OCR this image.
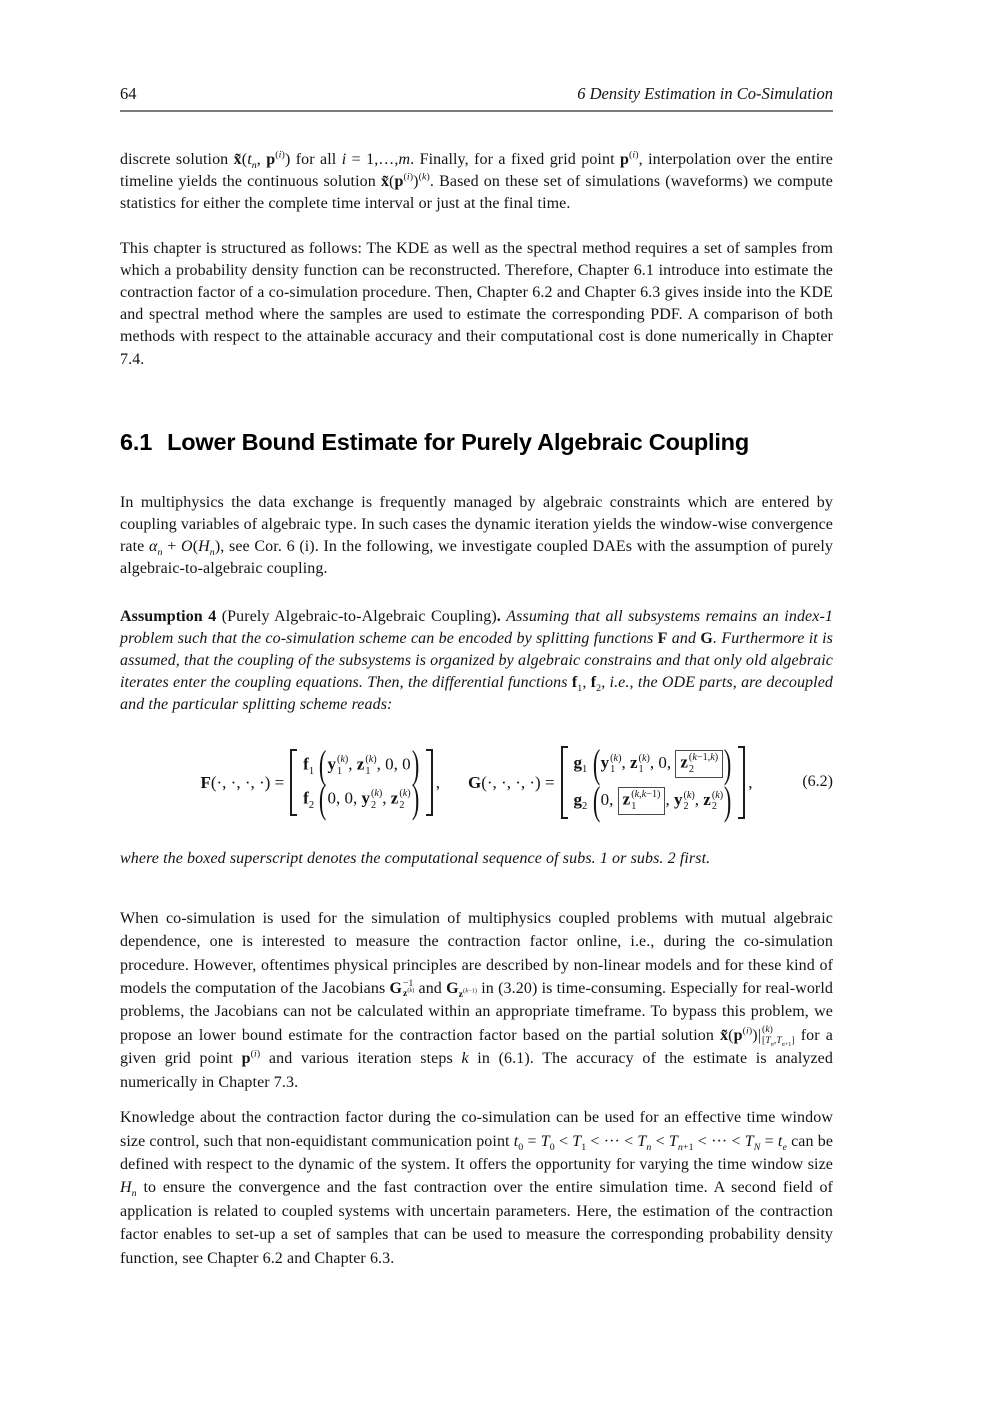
64	6 Density Estimation in Co-Simulation

discrete solution $x̃(t_n$, $p^{(i)}$) for all i = 1,…,m. Finally, for a fixed grid point $p^{(i)}$, interpolation over the entire timeline yields the continuous solution $x̃(p^{(i)})^{(k)}$. Based on these set of simulations (waveforms) we compute statistics for either the complete time interval or just at the final time.

This chapter is structured as follows: The KDE as well as the spectral method requires a set of samples from which a probability density function can be reconstructed. Therefore, Chapter 6.1 introduce into estimate the contraction factor of a co-simulation procedure. Then, Chapter 6.2 and Chapter 6.3 gives inside into the KDE and spectral method where the samples are used to estimate the corresponding PDF. A comparison of both methods with respect to the attainable accuracy and their computational cost is done numerically in Chapter 7.4.

6.1 Lower Bound Estimate for Purely Algebraic Coupling

In multiphysics the data exchange is frequently managed by algebraic constraints which are entered by coupling variables of algebraic type. In such cases the dynamic iteration yields the window-wise convergence rate $\alpha_n + O(H_n)$, see Cor. 6 (i). In the following, we investigate coupled DAEs with the assumption of purely algebraic-to-algebraic coupling.

Assumption 4 (Purely Algebraic-to-Algebraic Coupling). Assuming that all subsystems remains an index-1 problem such that the co-simulation scheme can be encoded by splitting functions F and G. Furthermore it is assumed, that the coupling of the subsystems is organized by algebraic constrains and that only old algebraic iterates enter the coupling equations. Then, the differential functions $f_1$, $f_2$, i.e., the ODE parts, are decoupled and the particular splitting scheme reads:

F(·, ·, ·, ·) =
$f_1$ (y (k)
1 , z (k)
1 , 0, 0)
$f_2$ (0, 0, y (k)
2 , z (k)
2 ) , G(·, ·, ·, ·) =
$g_1$ (y (k)
1 , z (k)
1 , 0, z (k−1,k)
2 )
$g_2$ (0, z (k,k−1)
1 , y (k)
2 , z (k)
2 ) ,	(6.2)

where the boxed superscript denotes the computational sequence of subs. 1 or subs. 2 first.

When co-simulation is used for the simulation of multiphysics coupled problems with mutual algebraic dependence, one is interested to measure the contraction factor online, i.e., during the co-simulation procedure. However, oftentimes physical principles are described by non-linear models and for these kind of models the computation of the Jacobians G −1
$z^{(k)}$ and $G_{z^{(k-1)}}$ in (3.20) is time-consuming. Especially for real-world problems, the Jacobians can not be calculated within an appropriate timeframe. To bypass this problem, we propose an lower bound estimate for the contraction factor based on the partial solution $x̃(p^{(i)})|$ (k)
$[T_n,T_{n+1}]$ for a given grid point $p^{(i)}$ and various iteration steps k in (6.1). The accuracy of the estimate is analyzed numerically in Chapter 7.3.

Knowledge about the contraction factor during the co-simulation can be used for an effective time window size control, such that non-equidistant communication point $t_0 = T_0 < T_1$ < ··· < $T_n < T_{n+1}$ < ··· < $T_N = t_e$ can be defined with respect to the dynamic of the system. It offers the opportunity for varying the time window size $H_n$ to ensure the convergence and the fast contraction over the entire simulation time. A second field of application is related to coupled systems with uncertain parameters. Here, the estimation of the contraction factor enables to set-up a set of samples that can be used to measure the corresponding probability density function, see Chapter 6.2 and Chapter 6.3.
